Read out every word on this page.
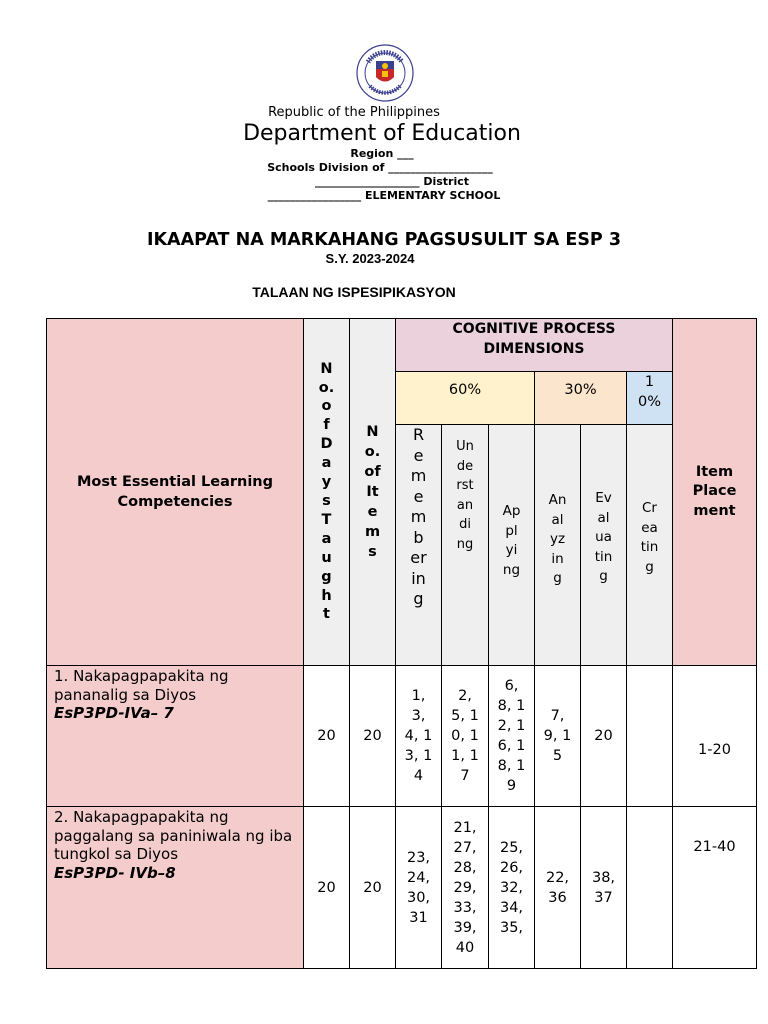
Republic of the Philippines
Department of Education
Region ___
Schools Division of ___________________
___________________ District
_________________ ELEMENTARY SCHOOL
IKAAPAT NA MARKAHANG PAGSUSULIT SA ESP 3
S.Y. 2023-2024
TALAAN NG ISPESIPIKASYON
Most Essential Learning Competencies	No. of Days Taught	No. of Items	COGNITIVE PROCESS DIMENSIONS						Item Placement

			60%			30%		10%	

			Remembering	Understanding	Applying	Analyzing	Evaluating	Creating	

1. Nakapagpapakita ng pananalig sa Diyos
EsP3PD-IVa– 7	20	20	1, 3, 4, 13, 14	2, 5, 10, 11, 17	6, 8, 12, 16, 18, 19	7, 9, 15	20		1-20
2. Nakapagpapakita ng paggalang sa paniniwala ng iba tungkol sa Diyos
EsP3PD- IVb–8	20	20	23, 24, 30, 31	21, 27, 28, 29, 33, 39, 40	25, 26, 32, 34, 35,	22, 36	38, 37		21-40
